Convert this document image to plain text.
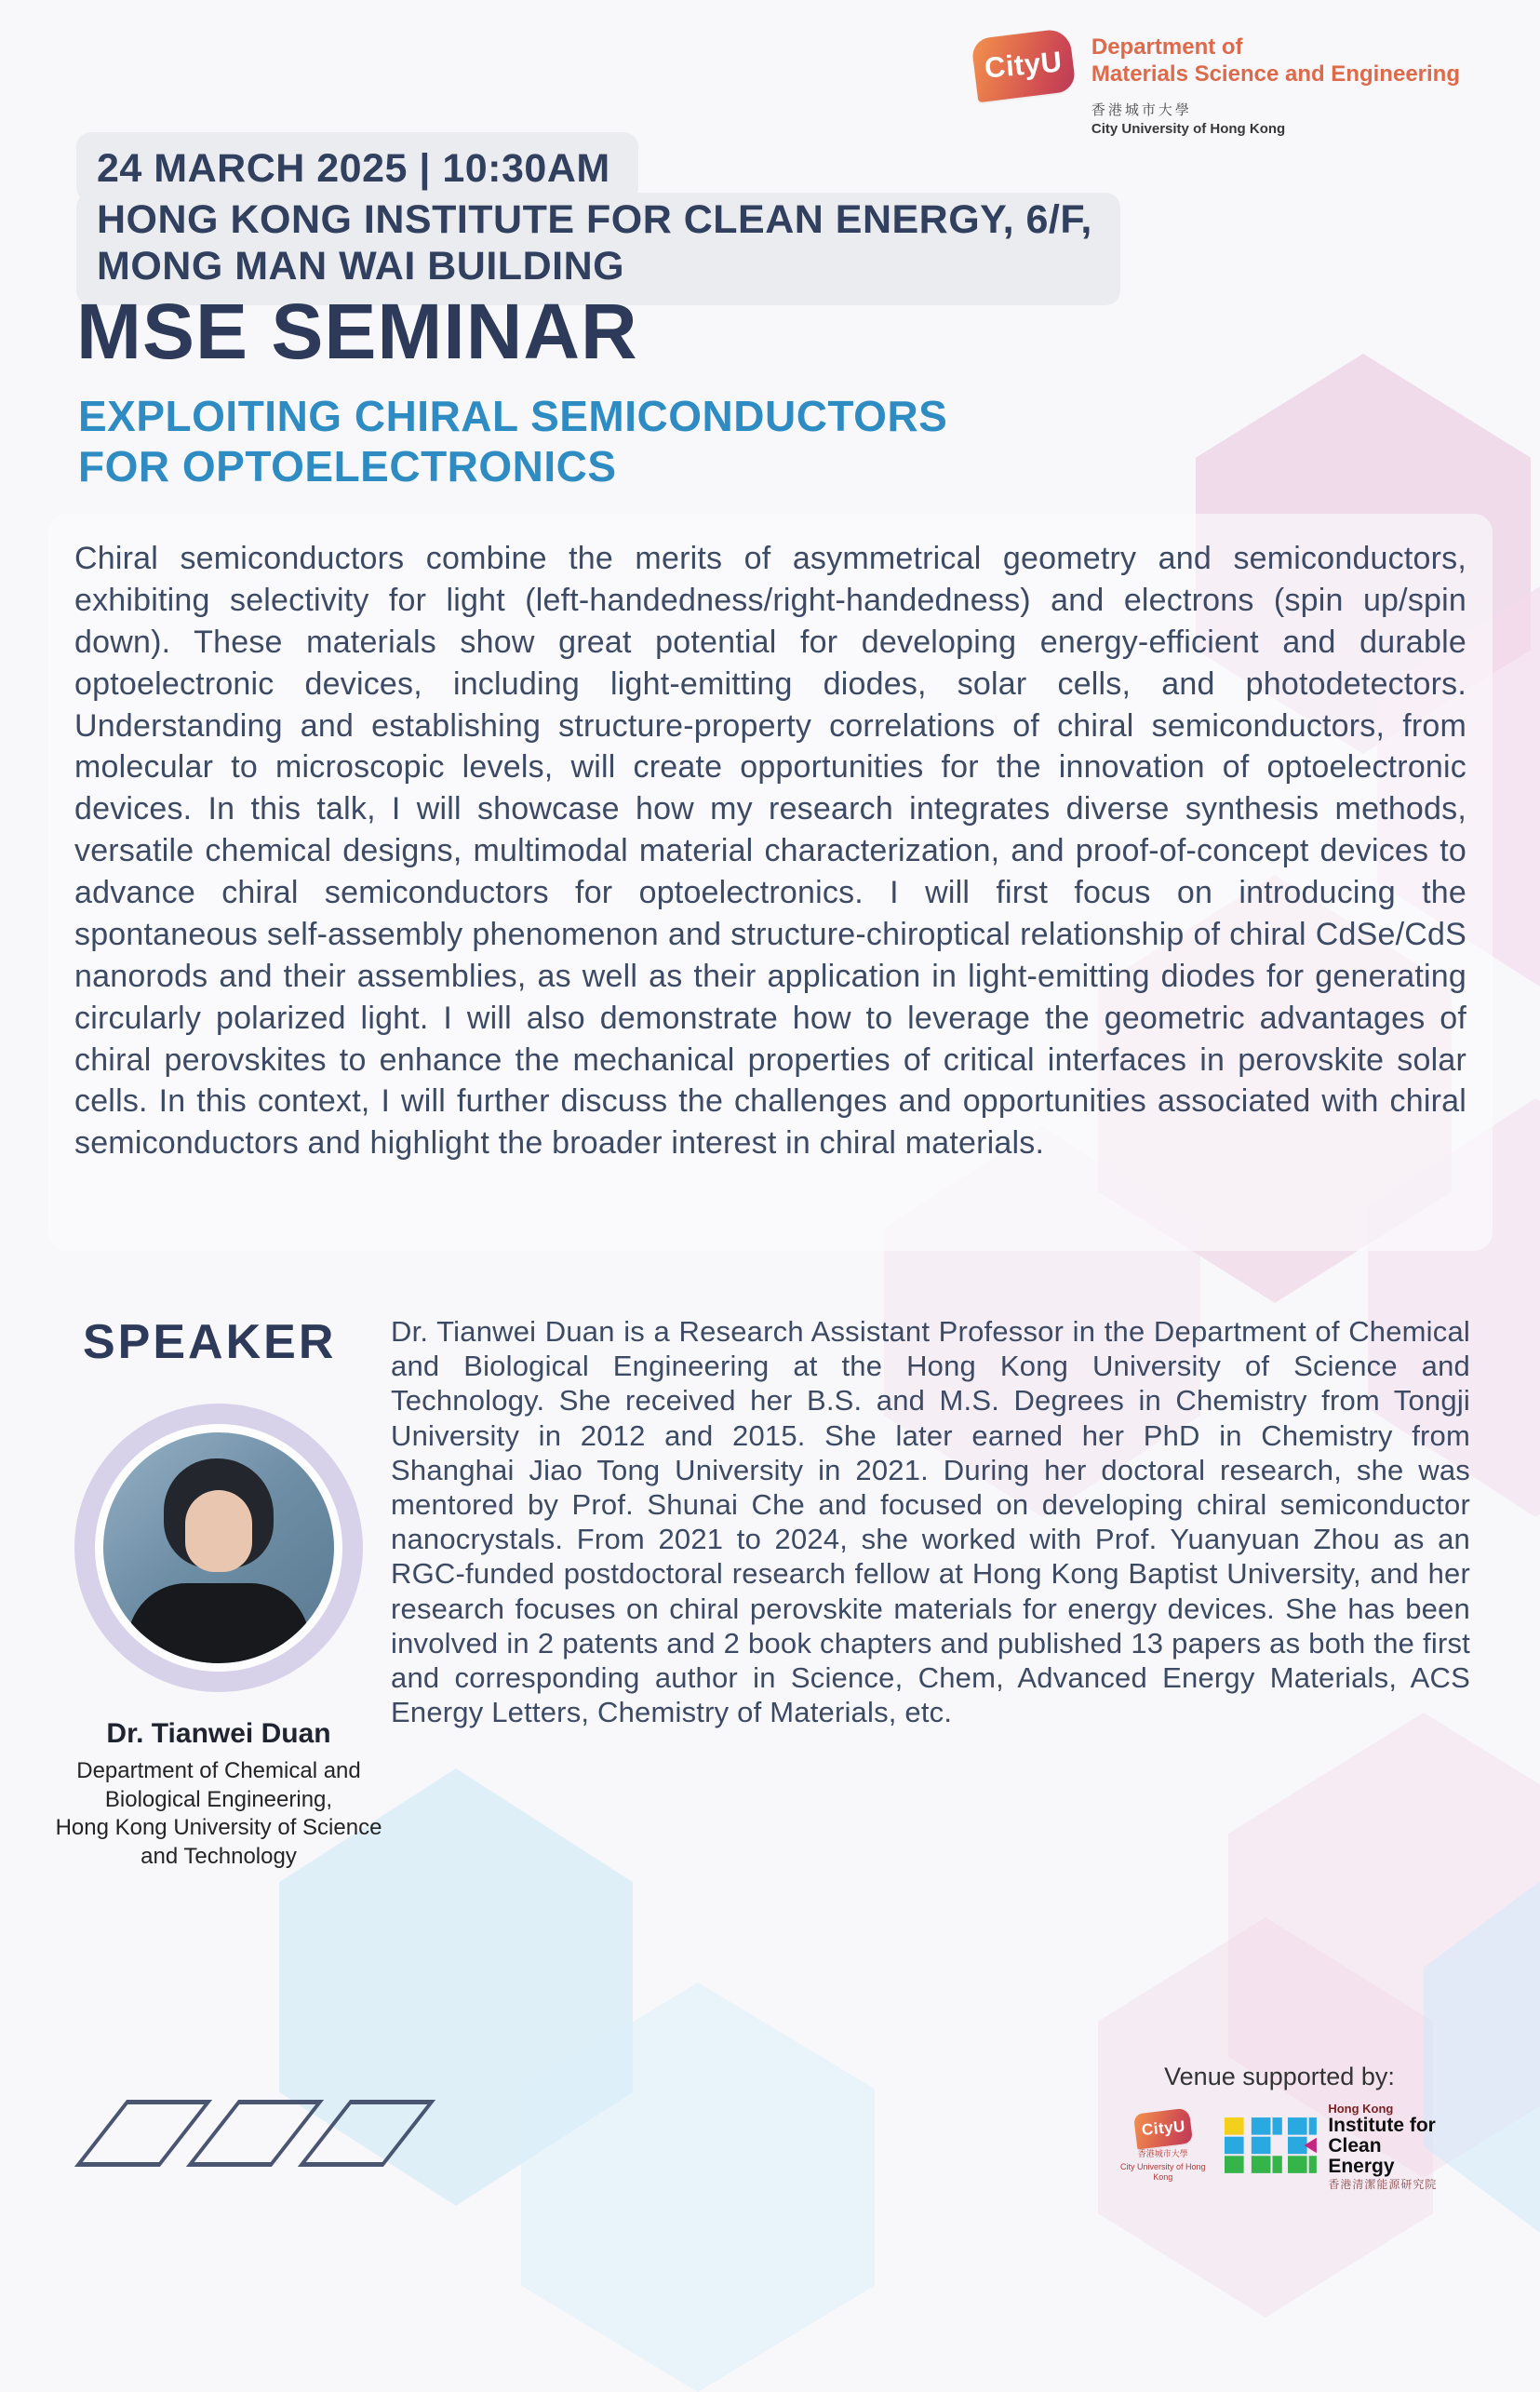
CityU Department of
Materials Science and Engineering
香港城市大學
City University of Hong Kong
24 MARCH 2025 | 10:30AM
HONG KONG INSTITUTE FOR CLEAN ENERGY, 6/F,
MONG MAN WAI BUILDING
MSE SEMINAR
EXPLOITING CHIRAL SEMICONDUCTORS
FOR OPTOELECTRONICS
Chiral semiconductors combine the merits of asymmetrical geometry and semiconductors, exhibiting selectivity for light (left-handedness/right-handedness) and electrons (spin up/spin down). These materials show great potential for developing energy-efficient and durable optoelectronic devices, including light-emitting diodes, solar cells, and photodetectors. Understanding and establishing structure-property correlations of chiral semiconductors, from molecular to microscopic levels, will create opportunities for the innovation of optoelectronic devices. In this talk, I will showcase how my research integrates diverse synthesis methods, versatile chemical designs, multimodal material characterization, and proof-of-concept devices to advance chiral semiconductors for optoelectronics. I will first focus on introducing the spontaneous self-assembly phenomenon and structure-chiroptical relationship of chiral CdSe/CdS nanorods and their assemblies, as well as their application in light-emitting diodes for generating circularly polarized light. I will also demonstrate how to leverage the geometric advantages of chiral perovskites to enhance the mechanical properties of critical interfaces in perovskite solar cells. In this context, I will further discuss the challenges and opportunities associated with chiral semiconductors and highlight the broader interest in chiral materials.
SPEAKER
Dr. Tianwei Duan
Department of Chemical and
Biological Engineering,
Hong Kong University of Science
and Technology
Dr. Tianwei Duan is a Research Assistant Professor in the Department of Chemical and Biological Engineering at the Hong Kong University of Science and Technology. She received her B.S. and M.S. Degrees in Chemistry from Tongji University in 2012 and 2015. She later earned her PhD in Chemistry from Shanghai Jiao Tong University in 2021. During her doctoral research, she was mentored by Prof. Shunai Che and focused on developing chiral semiconductor nanocrystals. From 2021 to 2024, she worked with Prof. Yuanyuan Zhou as an RGC-funded postdoctoral research fellow at Hong Kong Baptist University, and her research focuses on chiral perovskite materials for energy devices. She has been involved in 2 patents and 2 book chapters and published 13 papers as both the first and corresponding author in Science, Chem, Advanced Energy Materials, ACS Energy Letters, Chemistry of Materials, etc.
Venue supported by:
CityU
香港城市大學
City University of Hong Kong
Hong Kong
Institute for
Clean Energy
香港清潔能源研究院
